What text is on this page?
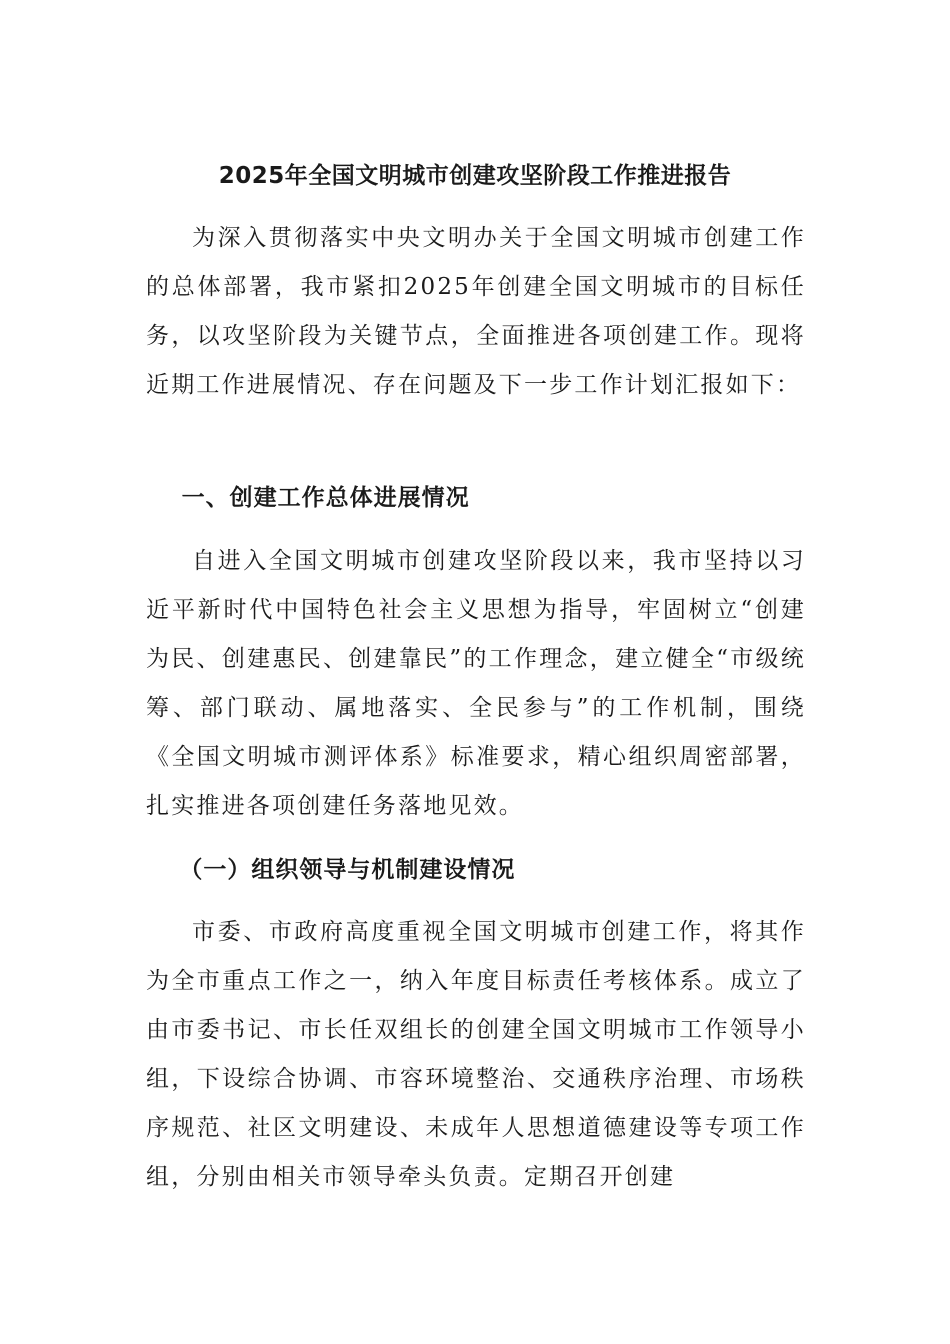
2025年全国文明城市创建攻坚阶段工作推进报告

为深入贯彻落实中央文明办关于全国文明城市创建工作的总体部署，我市紧扣2025年创建全国文明城市的目标任务，以攻坚阶段为关键节点，全面推进各项创建工作。现将近期工作进展情况、存在问题及下一步工作计划汇报如下：

一、创建工作总体进展情况

自进入全国文明城市创建攻坚阶段以来，我市坚持以习近平新时代中国特色社会主义思想为指导，牢固树立“创建为民、创建惠民、创建靠民”的工作理念，建立健全“市级统筹、部门联动、属地落实、全民参与”的工作机制，围绕《全国文明城市测评体系》标准要求，精心组织周密部署，扎实推进各项创建任务落地见效。

（一）组织领导与机制建设情况

市委、市政府高度重视全国文明城市创建工作，将其作为全市重点工作之一，纳入年度目标责任考核体系。成立了由市委书记、市长任双组长的创建全国文明城市工作领导小组，下设综合协调、市容环境整治、交通秩序治理、市场秩序规范、社区文明建设、未成年人思想道德建设等专项工作组，分别由相关市领导牵头负责。定期召开创建
